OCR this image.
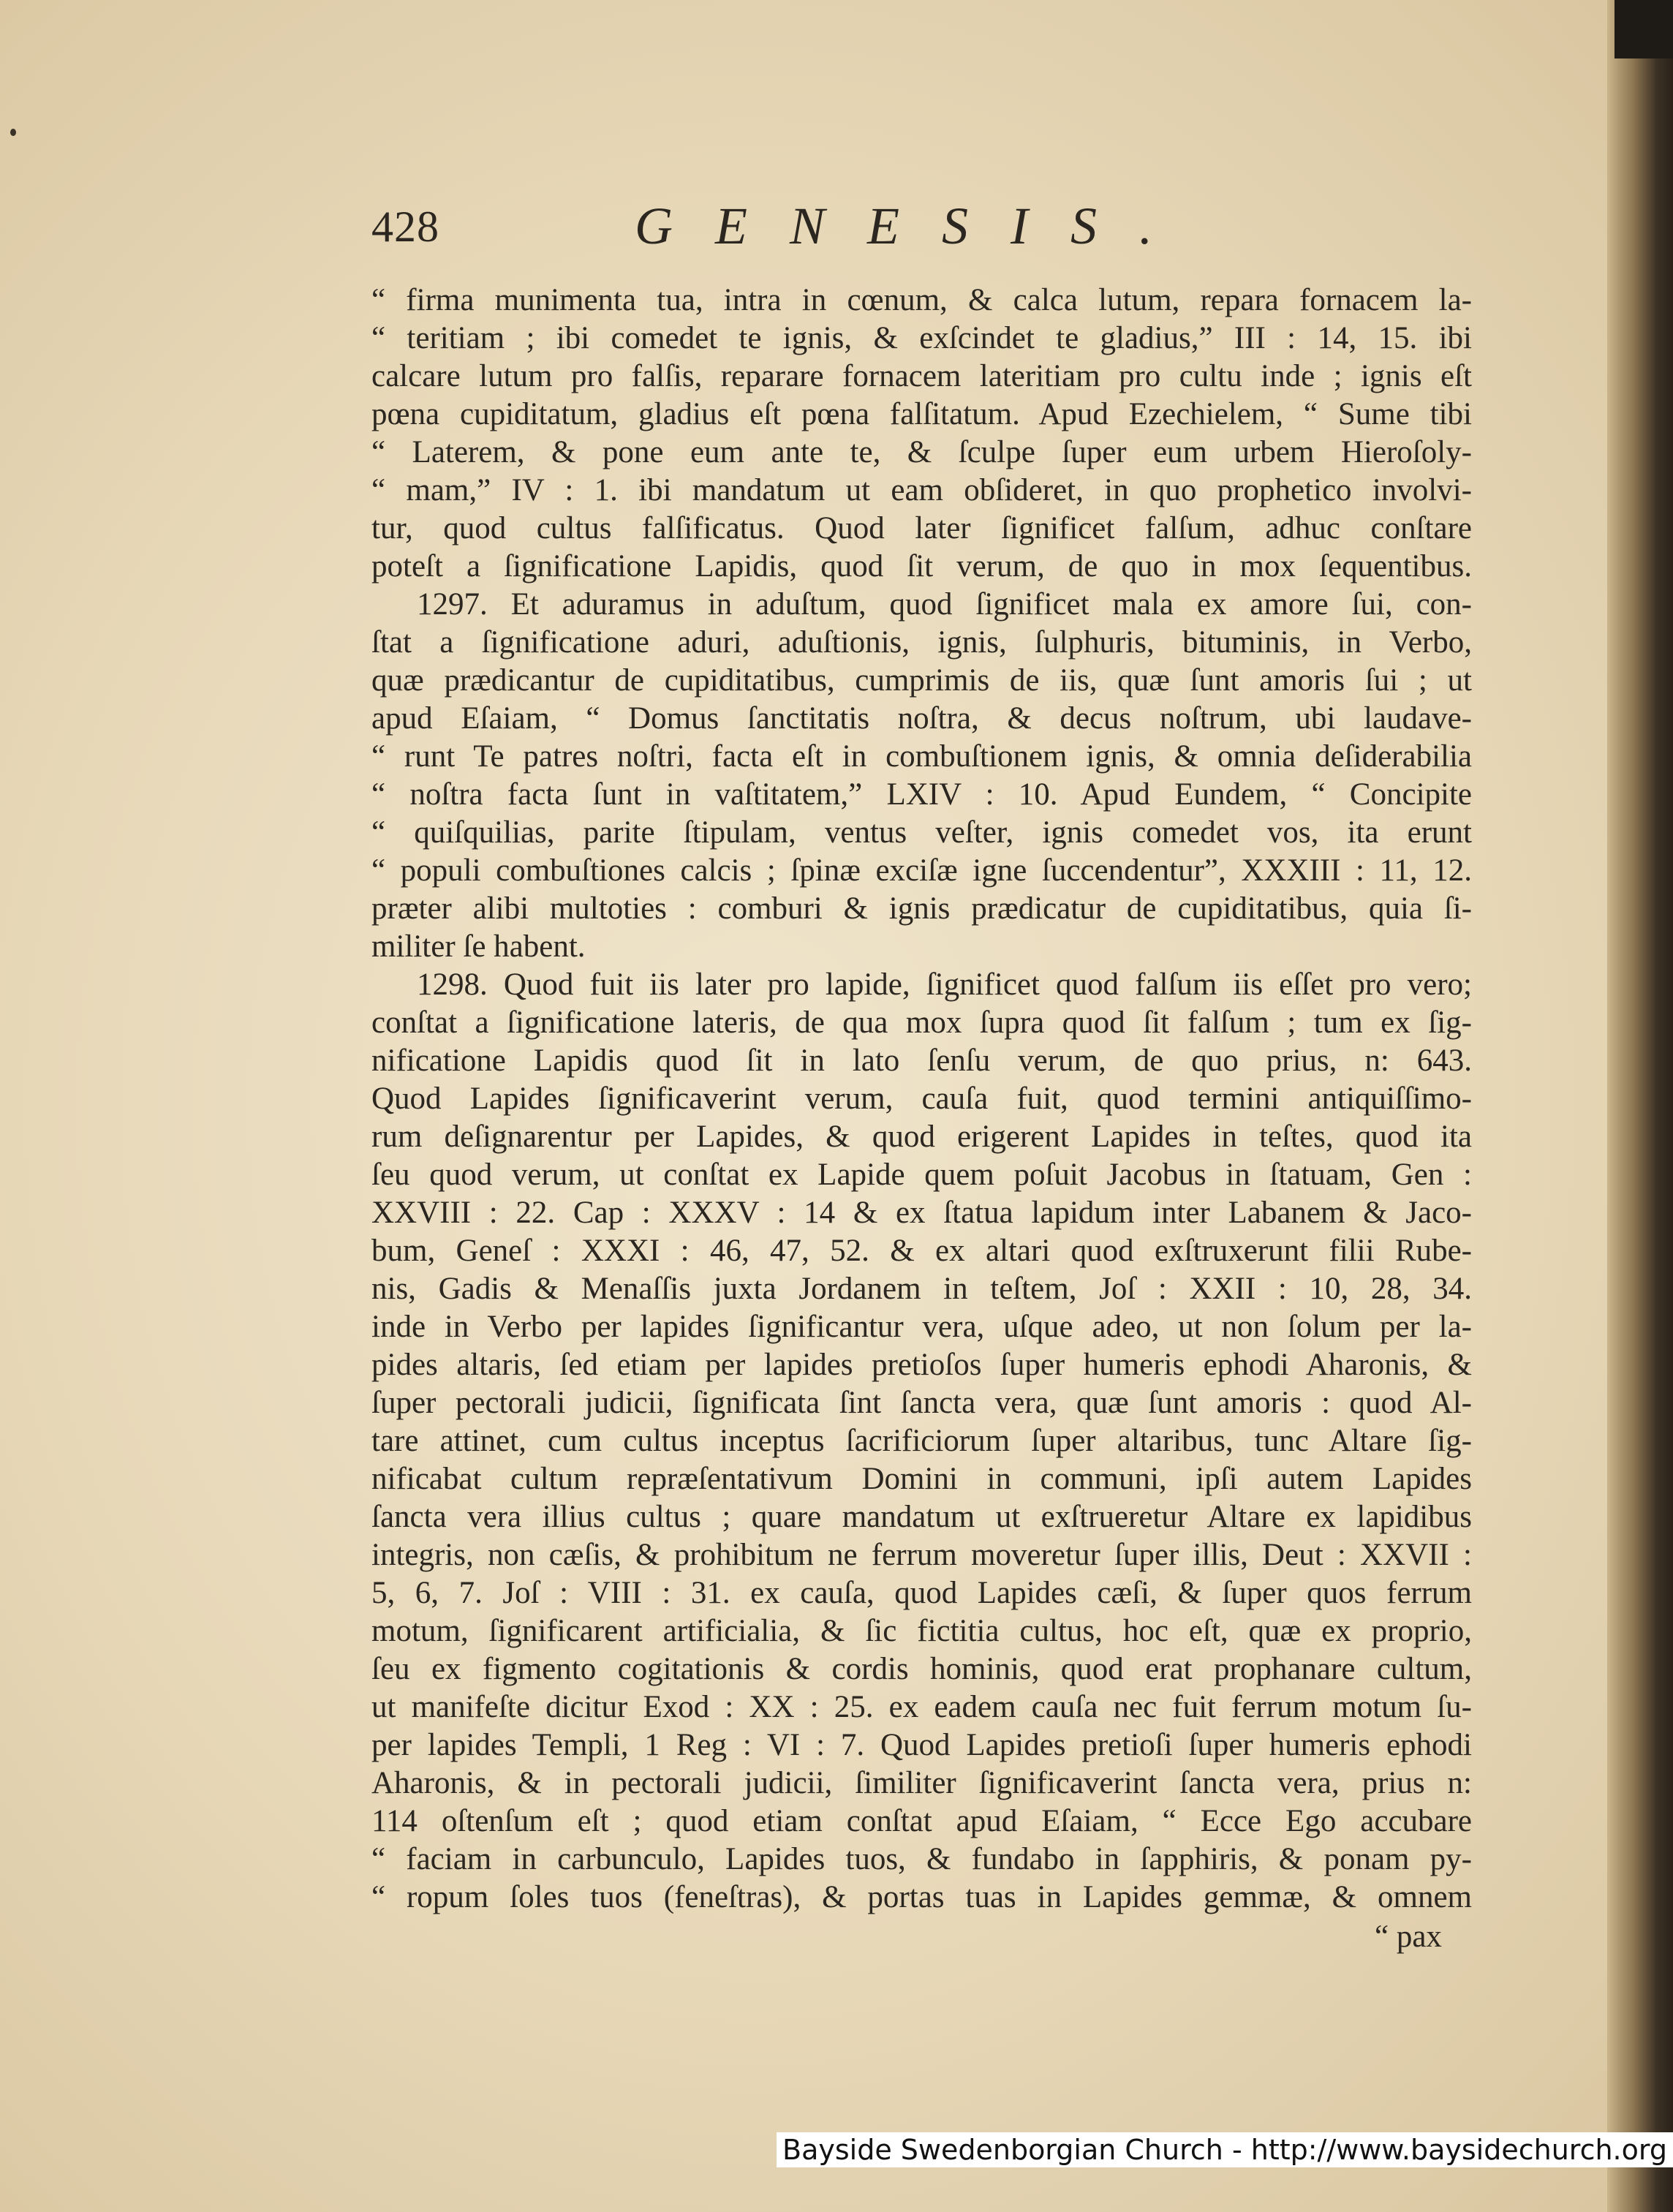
428	GENESIS.
“ firma munimenta tua, intra in cœnum, & calca lutum, repara fornacem la-
“ teritiam ; ibi comedet te ignis, & exſcindet te gladius,” III : 14, 15. ibi
calcare lutum pro falſis, reparare fornacem lateritiam pro cultu inde ; ignis eſt
pœna cupiditatum, gladius eſt pœna falſitatum. Apud Ezechielem, “ Sume tibi
“ Laterem, & pone eum ante te, & ſculpe ſuper eum urbem Hieroſoly-
“ mam,” IV : 1. ibi mandatum ut eam obſideret, in quo prophetico involvi-
tur, quod cultus falſificatus. Quod later ſignificet falſum, adhuc conſtare
poteſt a ſignificatione Lapidis, quod ſit verum, de quo in mox ſequentibus.
1297. Et aduramus in aduſtum, quod ſignificet mala ex amore ſui, con-
ſtat a ſignificatione aduri, aduſtionis, ignis, ſulphuris, bituminis, in Verbo,
quæ prædicantur de cupiditatibus, cumprimis de iis, quæ ſunt amoris ſui ; ut
apud Eſaiam, “ Domus ſanctitatis noſtra, & decus noſtrum, ubi laudave-
“ runt Te patres noſtri, facta eſt in combuſtionem ignis, & omnia deſiderabilia
“ noſtra facta ſunt in vaſtitatem,” LXIV : 10. Apud Eundem, “ Concipite
“ quiſquilias, parite ſtipulam, ventus veſter, ignis comedet vos, ita erunt
“ populi combuſtiones calcis ; ſpinæ exciſæ igne ſuccendentur”, XXXIII : 11, 12.
præter alibi multoties : comburi & ignis prædicatur de cupiditatibus, quia ſi-
militer ſe habent.
1298. Quod fuit iis later pro lapide, ſignificet quod falſum iis eſſet pro vero;
conſtat a ſignificatione lateris, de qua mox ſupra quod ſit falſum ; tum ex ſig-
nificatione Lapidis quod ſit in lato ſenſu verum, de quo prius, n: 643.
Quod Lapides ſignificaverint verum, cauſa fuit, quod termini antiquiſſimo-
rum deſignarentur per Lapides, & quod erigerent Lapides in teſtes, quod ita
ſeu quod verum, ut conſtat ex Lapide quem poſuit Jacobus in ſtatuam, Gen :
XXVIII : 22. Cap : XXXV : 14 & ex ſtatua lapidum inter Labanem & Jaco-
bum, Geneſ : XXXI : 46, 47, 52. & ex altari quod exſtruxerunt filii Rube-
nis, Gadis & Menaſſis juxta Jordanem in teſtem, Joſ : XXII : 10, 28, 34.
inde in Verbo per lapides ſignificantur vera, uſque adeo, ut non ſolum per la-
pides altaris, ſed etiam per lapides pretioſos ſuper humeris ephodi Aharonis, &
ſuper pectorali judicii, ſignificata ſint ſancta vera, quæ ſunt amoris : quod Al-
tare attinet, cum cultus inceptus ſacrificiorum ſuper altaribus, tunc Altare ſig-
nificabat cultum repræſentativum Domini in communi, ipſi autem Lapides
ſancta vera illius cultus ; quare mandatum ut exſtrueretur Altare ex lapidibus
integris, non cæſis, & prohibitum ne ferrum moveretur ſuper illis, Deut : XXVII :
5, 6, 7. Joſ : VIII : 31. ex cauſa, quod Lapides cæſi, & ſuper quos ferrum
motum, ſignificarent artificialia, & ſic fictitia cultus, hoc eſt, quæ ex proprio,
ſeu ex figmento cogitationis & cordis hominis, quod erat prophanare cultum,
ut manifeſte dicitur Exod : XX : 25. ex eadem cauſa nec fuit ferrum motum ſu-
per lapides Templi, 1 Reg : VI : 7. Quod Lapides pretioſi ſuper humeris ephodi
Aharonis, & in pectorali judicii, ſimiliter ſignificaverint ſancta vera, prius n:
114 oſtenſum eſt ; quod etiam conſtat apud Eſaiam, “ Ecce Ego accubare
“ faciam in carbunculo, Lapides tuos, & fundabo in ſapphiris, & ponam py-
“ ropum ſoles tuos (feneſtras), & portas tuas in Lapides gemmæ, & omnem
“ pax
Bayside Swedenborgian Church - http://www.baysidechurch.org
